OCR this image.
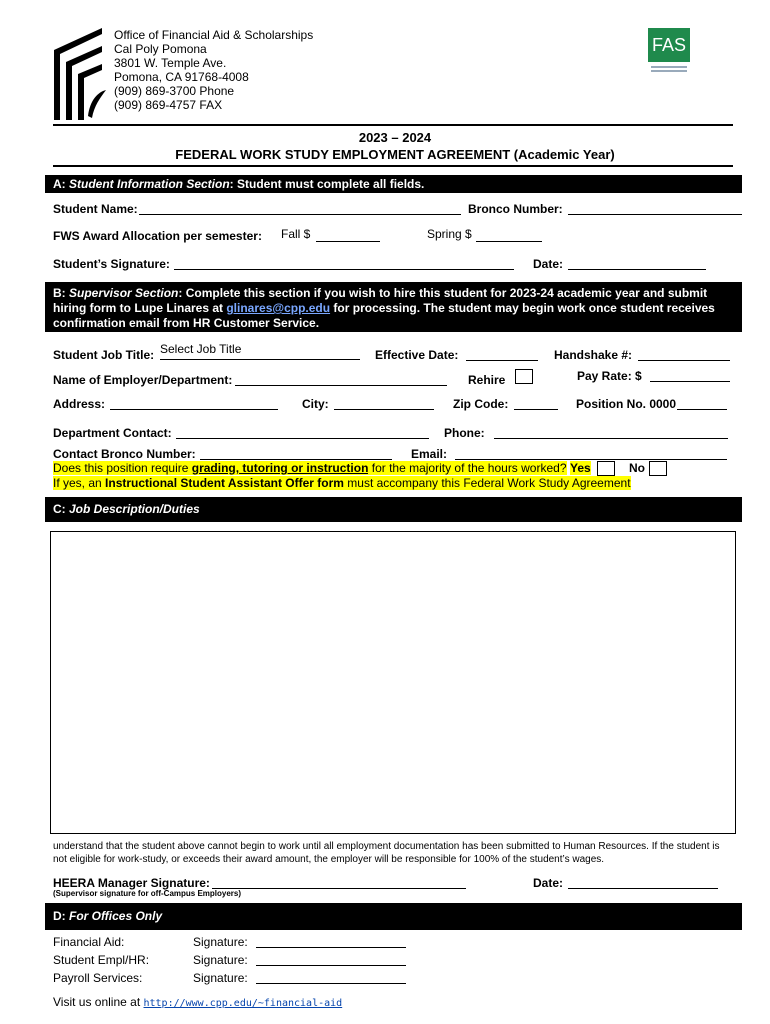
Office of Financial Aid & Scholarships
Cal Poly Pomona
3801 W. Temple Ave.
Pomona, CA 91768-4008
(909) 869-3700 Phone
(909) 869-4757 FAX
FAS
2023 – 2024
FEDERAL WORK STUDY EMPLOYMENT AGREEMENT (Academic Year)
A: Student Information Section: Student must complete all fields.
Student Name:	Bronco Number:
FWS Award Allocation per semester: Fall $	Spring $
Student’s Signature:	Date:
B: Supervisor Section: Complete this section if you wish to hire this student for 2023-24 academic year and submit
hiring form to Lupe Linares at glinares@cpp.edu for processing. The student may begin work once student receives
confirmation email from HR Customer Service.
Student Job Title: Select Job Title	Effective Date:	Handshake #:
Name of Employer/Department:	Rehire	Pay Rate: $
Address:	City:	Zip Code:	Position No. 0000
Department Contact:	Phone:
Contact Bronco Number:	Email:
Does this position require grading, tutoring or instruction for the majority of the hours worked? Yes	No
If yes, an Instructional Student Assistant Offer form must accompany this Federal Work Study Agreement
C: Job Description/Duties
understand that the student above cannot begin to work until all employment documentation has been submitted to Human Resources. If the student is
not eligible for work-study, or exceeds their award amount, the employer will be responsible for 100% of the student’s wages.
HEERA Manager Signature:
(Supervisor signature for off-Campus Employers)
Date:
D: For Offices Only
Financial Aid:	Signature:
Student Empl/HR:	Signature:
Payroll Services:	Signature:
Visit us online at http://www.cpp.edu/~financial-aid
